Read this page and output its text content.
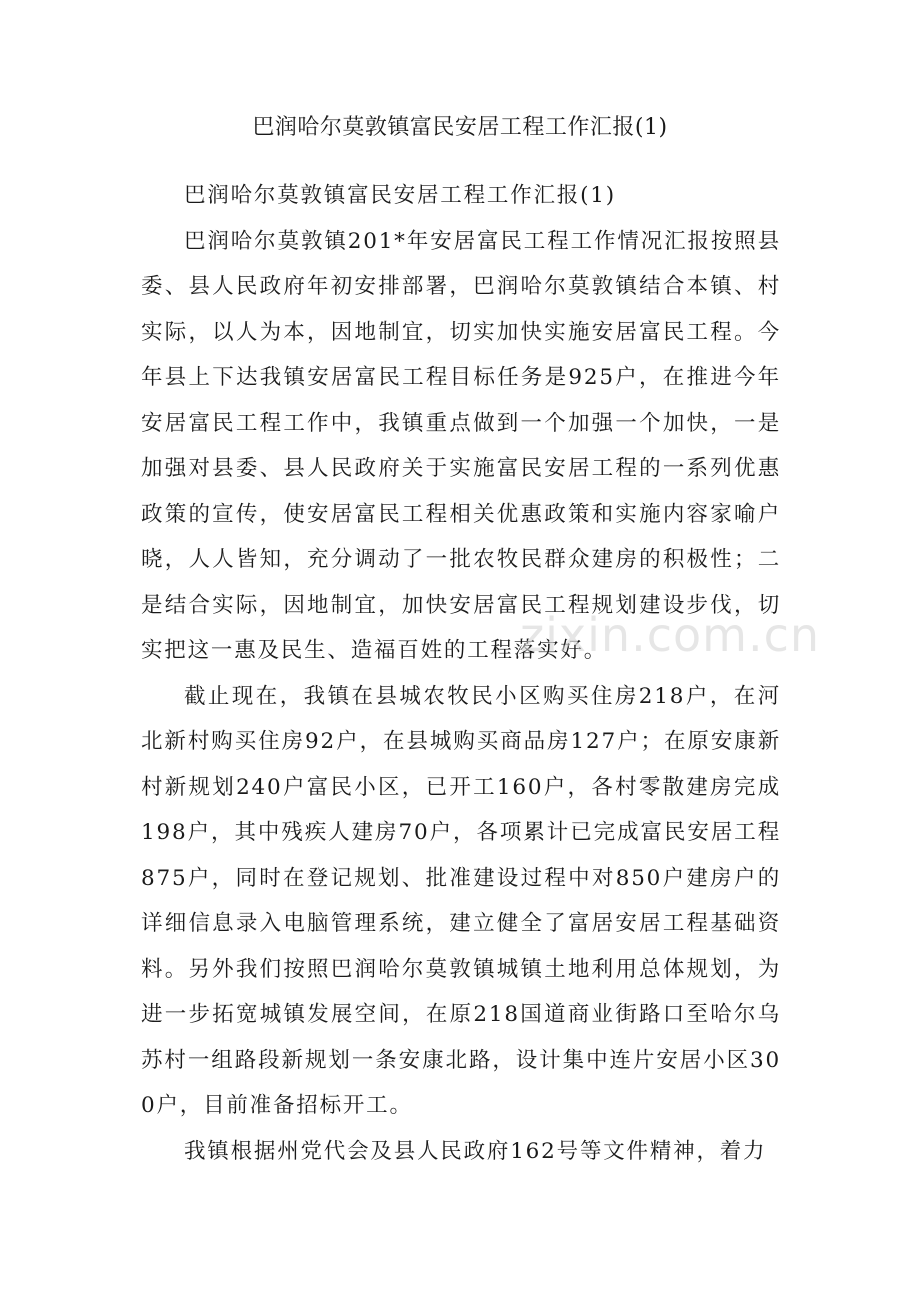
巴润哈尔莫敦镇富民安居工程工作汇报(1)

巴润哈尔莫敦镇富民安居工程工作汇报(1)

巴润哈尔莫敦镇201*年安居富民工程工作情况汇报按照县委、县人民政府年初安排部署，巴润哈尔莫敦镇结合本镇、村实际，以人为本，因地制宜，切实加快实施安居富民工程。今年县上下达我镇安居富民工程目标任务是925户，在推进今年安居富民工程工作中，我镇重点做到一个加强一个加快，一是加强对县委、县人民政府关于实施富民安居工程的一系列优惠政策的宣传，使安居富民工程相关优惠政策和实施内容家喻户晓，人人皆知，充分调动了一批农牧民群众建房的积极性；二是结合实际，因地制宜，加快安居富民工程规划建设步伐，切实把这一惠及民生、造福百姓的工程落实好。

截止现在，我镇在县城农牧民小区购买住房218户，在河北新村购买住房92户，在县城购买商品房127户；在原安康新村新规划240户富民小区，已开工160户，各村零散建房完成198户，其中残疾人建房70户，各项累计已完成富民安居工程875户，同时在登记规划、批准建设过程中对850户建房户的详细信息录入电脑管理系统，建立健全了富居安居工程基础资料。另外我们按照巴润哈尔莫敦镇城镇土地利用总体规划，为进一步拓宽城镇发展空间，在原218国道商业街路口至哈尔乌苏村一组路段新规划一条安康北路，设计集中连片安居小区300户，目前准备招标开工。

我镇根据州党代会及县人民政府162号等文件精神，着力

zixin.com.cn
